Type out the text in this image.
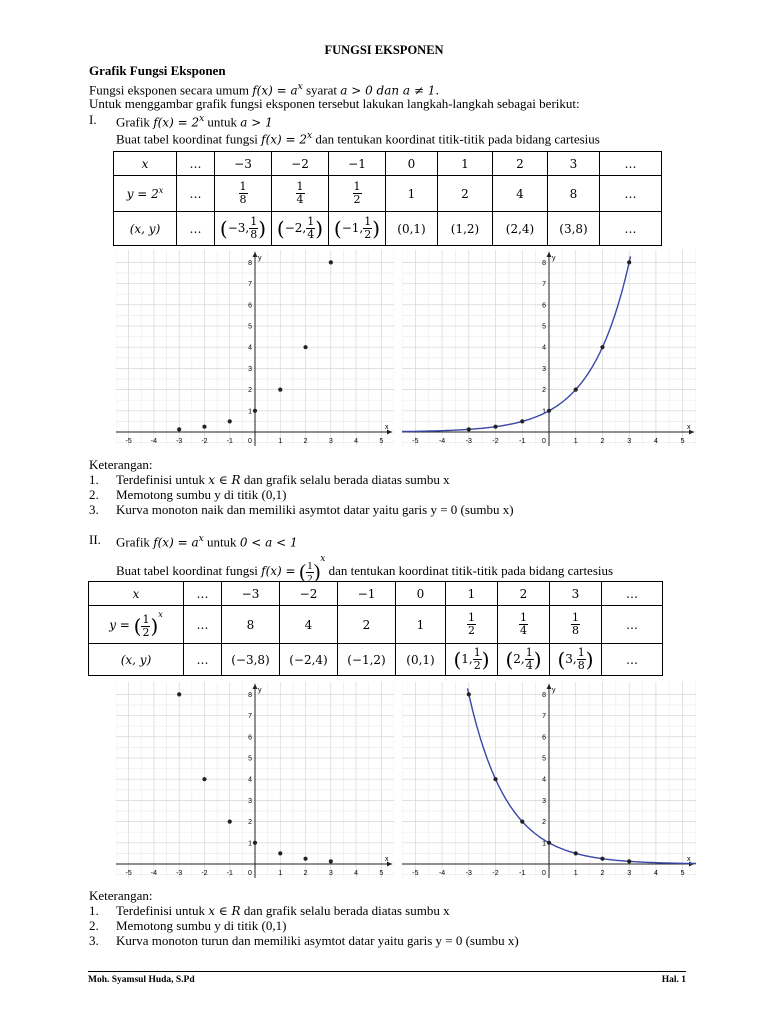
FUNGSI EKSPONEN
Grafik Fungsi Eksponen
Fungsi eksponen secara umum $f(x) = a^x$ syarat a > 0 dan a ≠ 1.
Untuk menggambar grafik fungsi eksponen tersebut lakukan langkah-langkah sebagai berikut:
I. Grafik $f(x) = 2^x$ untuk a > 1
Buat tabel koordinat fungsi $f(x) = 2^x$ dan tentukan koordinat titik-titik pada bidang cartesius
x	…	−3	−2	−1	0	1	2	3	…
$y = 2^x$	…	$\frac{1}{8}$	$\frac{1}{4}$	$\frac{1}{2}$	1	2	4	8	…
(x, y)	…	(−3, $\frac{1}{8}$ )	(−2, $\frac{1}{4}$ )	(−1, $\frac{1}{2}$ )	(0,1)	(1,2)	(2,4)	(3,8)	…
-5	-4	-3	-2	-1 0	1	2	3	4	5
1
2
3
4
5
6
7
8
x
y
-5	-4	-3	-2	-1 0	1	2	3	4	5
1
2
3
4
5
6
7
8
x
y
Keterangan:
1. Terdefinisi untuk x ∈ R dan grafik selalu berada diatas sumbu x
2. Memotong sumbu y di titik (0,1)
3. Kurva monoton naik dan memiliki asymtot datar yaitu garis y = 0 (sumbu x)
II. Grafik $f(x) = a^x$ untuk 0 < a < 1
Buat tabel koordinat fungsi f(x) = ( $\frac{1}{2} )^x$ dan tentukan koordinat titik-titik pada bidang cartesius
x	…	−3	−2	−1	0	1	2	3	…
y = ( $\frac{1}{2} )^x$	…	8	4	2	1	$\frac{1}{2}$	$\frac{1}{4}$	$\frac{1}{8}$	…
(x, y)	…	(−3,8)	(−2,4)	(−1,2)	(0,1)	(1, $\frac{1}{2}$ )	(2, $\frac{1}{4}$ )	(3, $\frac{1}{8}$ )	…
-5	-4	-3	-2	-1 0	1	2	3	4	5
1
2
3
4
5
6
7
8
x
y
-5	-4	-3	-2	-1 0	1	2	3	4	5
1
2
3
4
5
6
7
8
x
y
Keterangan:
1. Terdefinisi untuk x ∈ R dan grafik selalu berada diatas sumbu x
2. Memotong sumbu y di titik (0,1)
3. Kurva monoton turun dan memiliki asymtot datar yaitu garis y = 0 (sumbu x)
Moh. Syamsul Huda, S.Pd	Hal. 1
